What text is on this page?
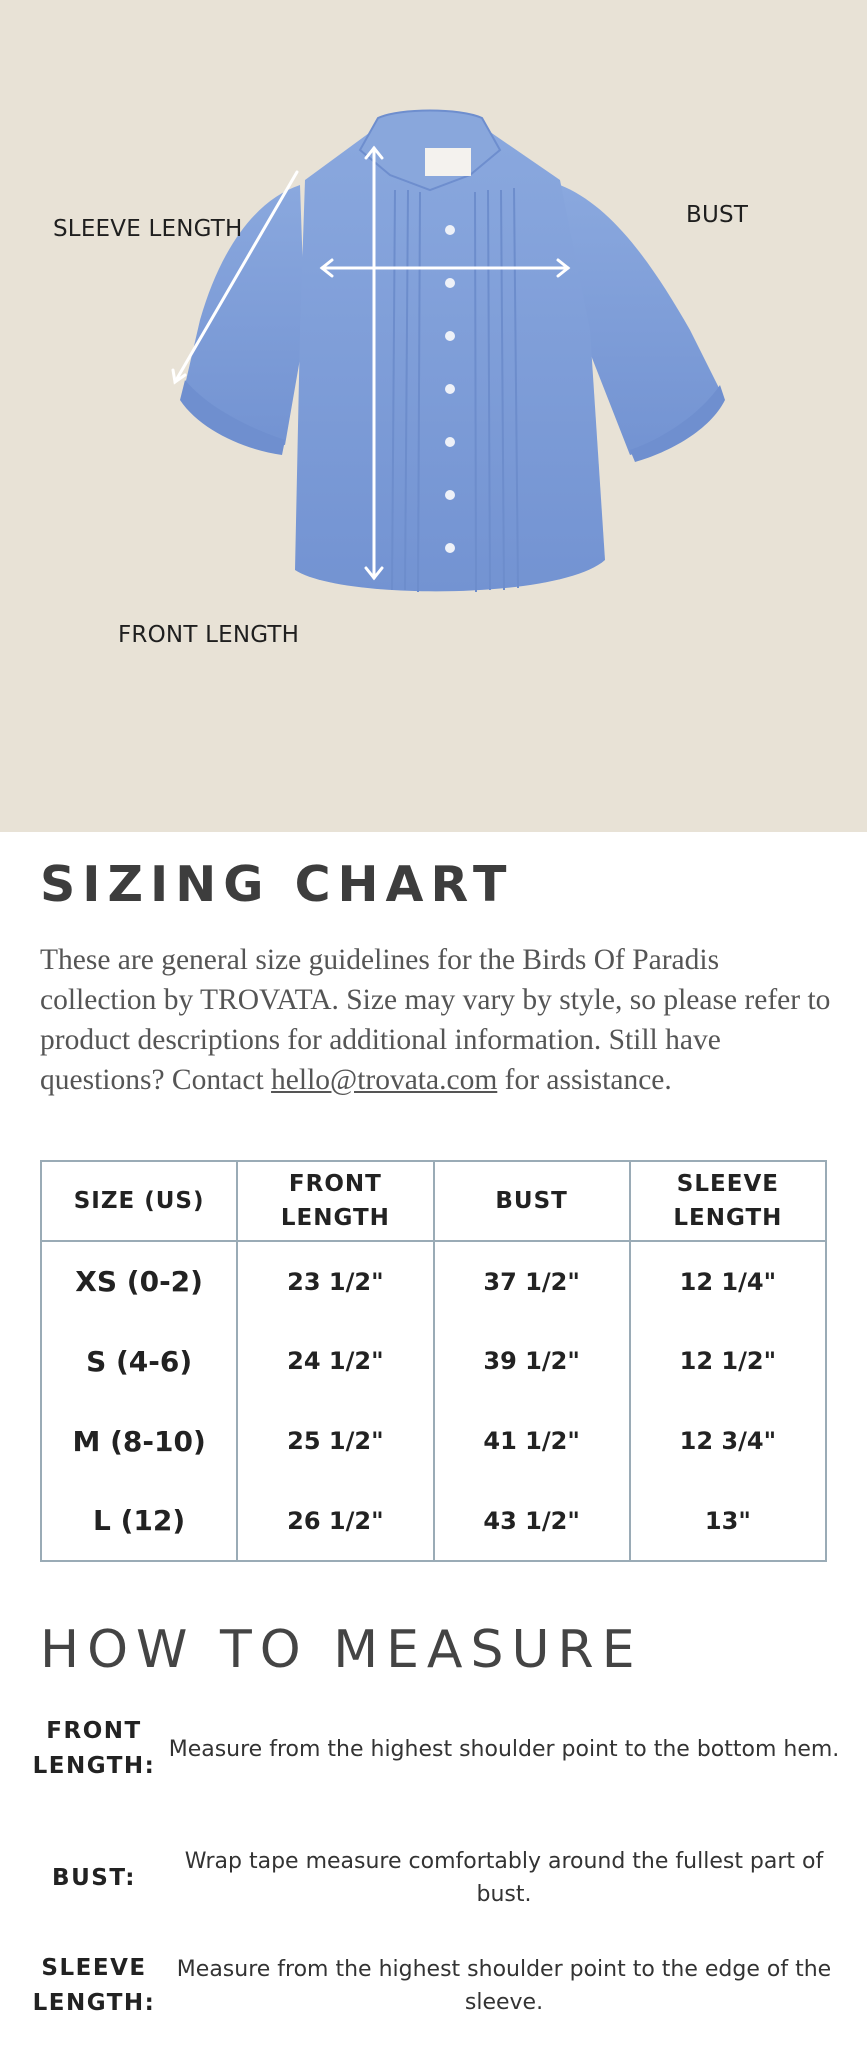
SLEEVE LENGTH
BUST
FRONT LENGTH
SIZING CHART

These are general size guidelines for the Birds Of Paradis collection by TROVATA. Size may vary by style, so please refer to product descriptions for additional information. Still have questions? Contact hello@trovata.com for assistance.

SIZE (US)	FRONT LENGTH	BUST	SLEEVE LENGTH
XS (0-2)	23 1/2"	37 1/2"	12 1/4"
S (4-6)	24 1/2"	39 1/2"	12 1/2"
M (8-10)	25 1/2"	41 1/2"	12 3/4"
L (12)	26 1/2"	43 1/2"	13"
HOW TO MEASURE
FRONT LENGTH:
Measure from the highest shoulder point to the bottom hem.
BUST:
Wrap tape measure comfortably around the fullest part of bust.
SLEEVE LENGTH:
Measure from the highest shoulder point to the edge of the sleeve.
